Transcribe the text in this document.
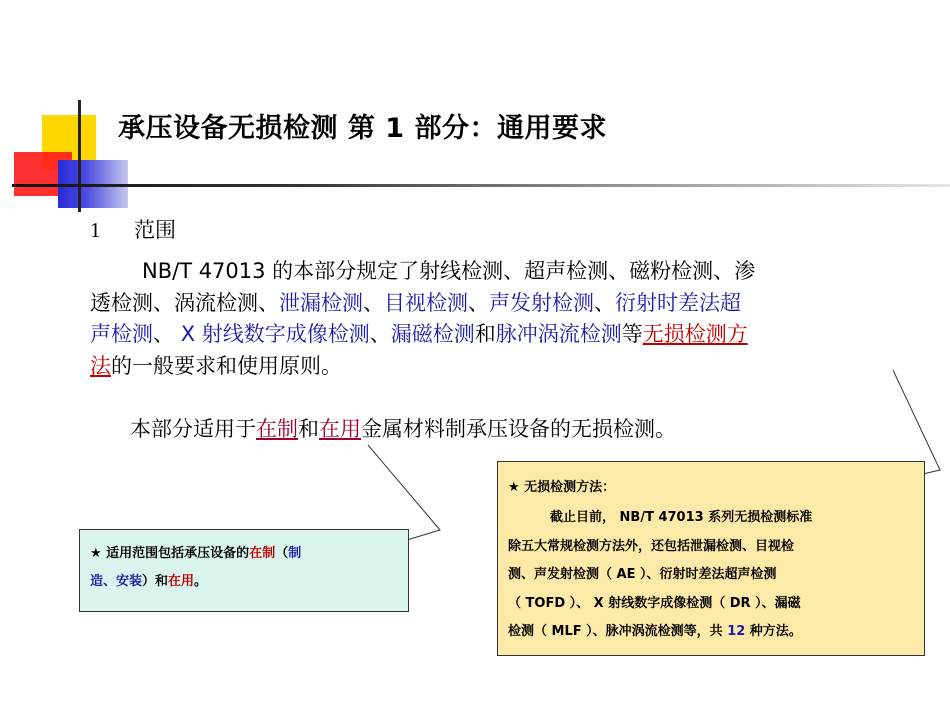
承压设备无损检测 第 1 部分：通用要求
1 范围
NB/T 47013 的本部分规定了射线检测、超声检测、磁粉检测、渗
透检测、涡流检测、泄漏检测、目视检测、声发射检测、衍射时差法超
声检测、 X 射线数字成像检测、漏磁检测和脉冲涡流检测等无损检测方
法的一般要求和使用原则。
本部分适用于在制和在用金属材料制承压设备的无损检测。
★ 适用范围包括承压设备的在制（制
造、安装）和在用。
★ 无损检测方法：
截止目前， NB/T 47013 系列无损检测标准
除五大常规检测方法外，还包括泄漏检测、目视检
测、声发射检测（ AE ）、衍射时差法超声检测
（ TOFD ）、 X 射线数字成像检测（ DR ）、漏磁
检测（ MLF ）、脉冲涡流检测等，共 12 种方法。
